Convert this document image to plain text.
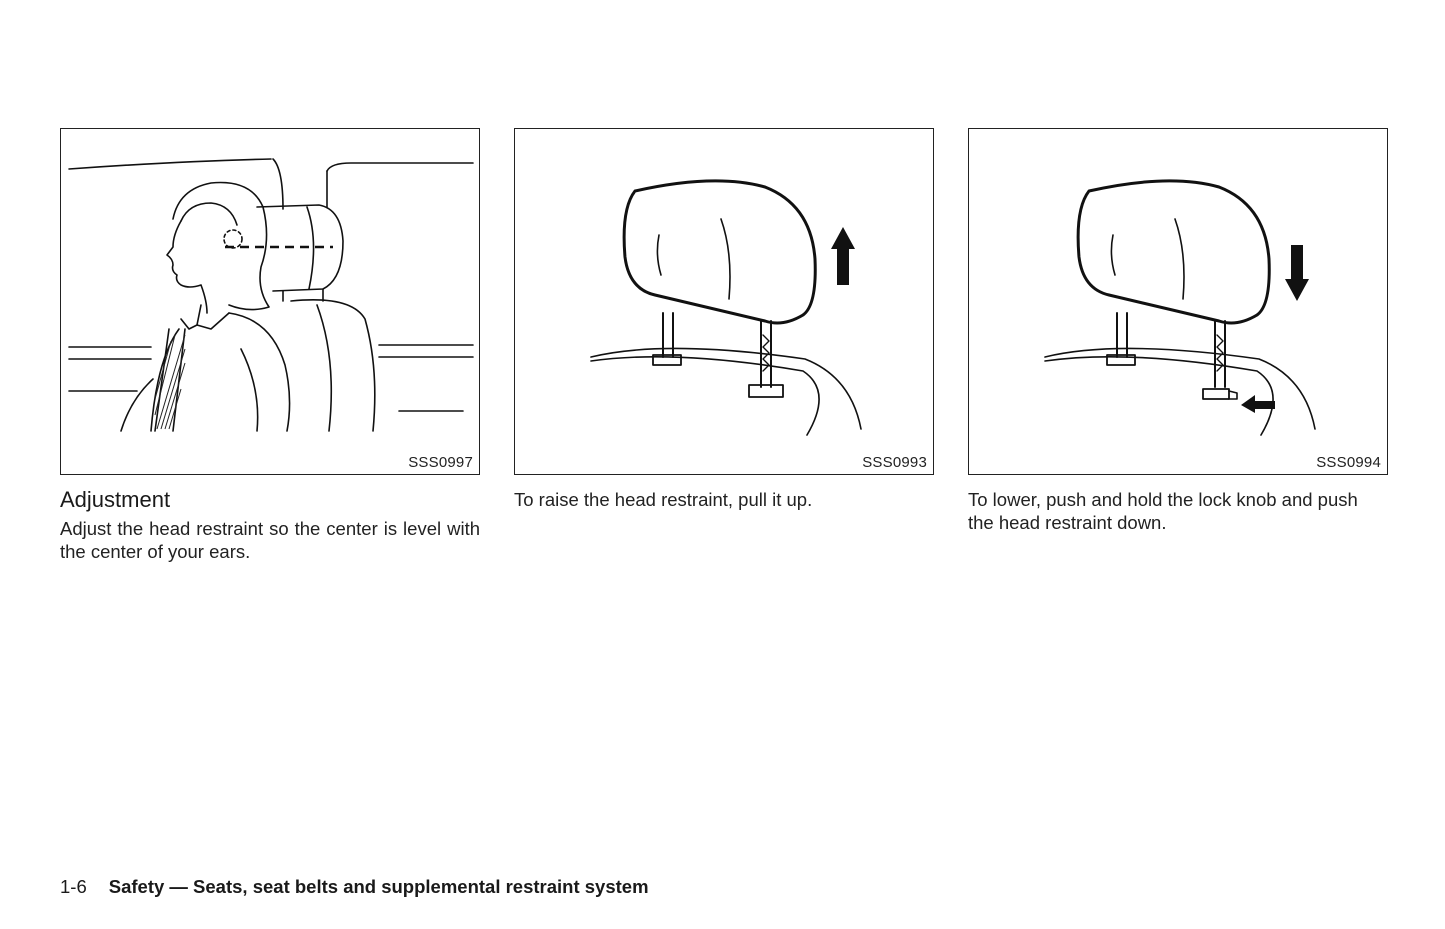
SSS0997
Adjustment

Adjust the head restraint so the center is level with the center of your ears.

SSS0993

To raise the head restraint, pull it up.

SSS0994

To lower, push and hold the lock knob and push the head restraint down.

1-6 Safety — Seats, seat belts and supplemental restraint system
